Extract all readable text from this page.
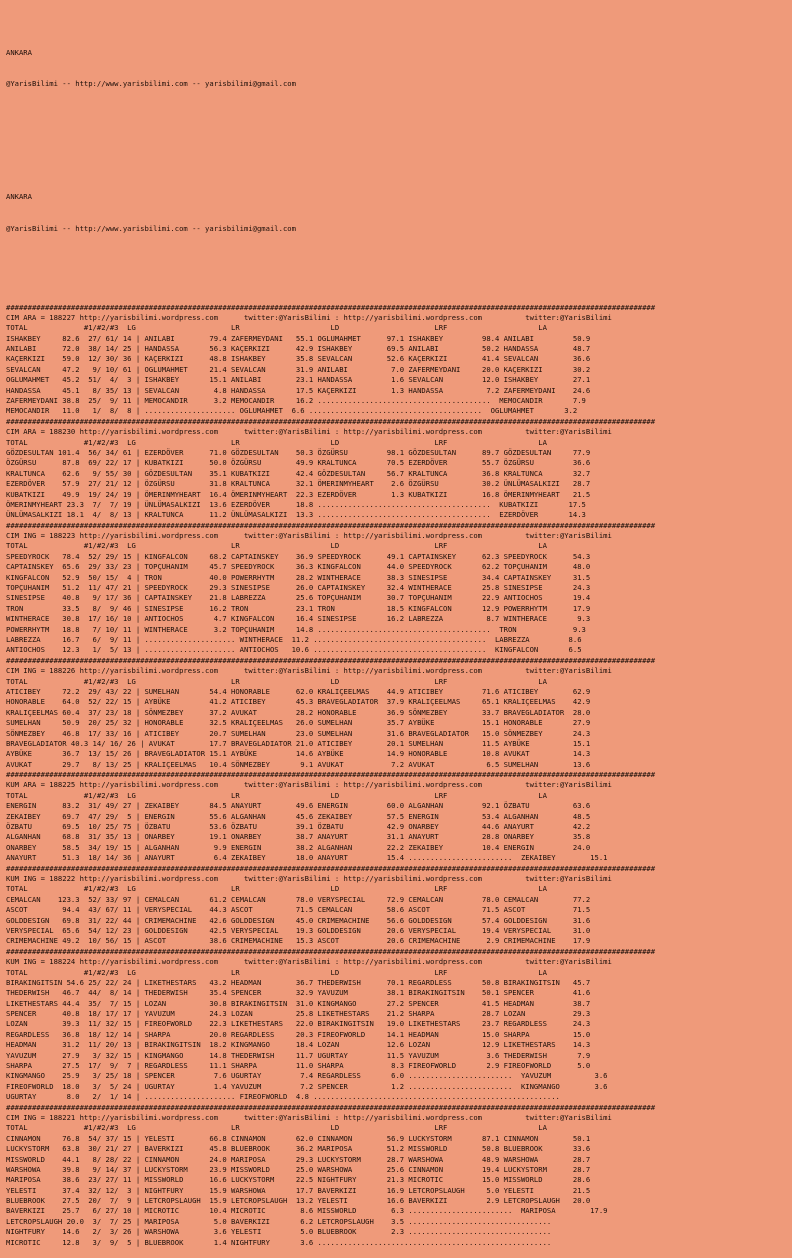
ANKARA

@YarisBilimi -- http://www.yarisbilimi.com -- yarisbilimi@gmail.com

ANKARA

@YarisBilimi -- http://www.yarisbilimi.com -- yarisbilimi@gmail.com

######################################################################################################################################################
CIM ARA = 188227 http://yarisbilimi.wordpress.com      twitter:@YarisBilimi : http://yarisbilimi.wordpress.com          twitter:@YarisBilimi
TOTAL             #1/#2/#3  LG                      LR                     LD                      LRF                     LA
ISHAKBEY     82.6  27/ 61/ 14 | ANILABI        79.4 ZAFERMEYDANI   55.1 OGLUMAHMET      97.1 ISHAKBEY         98.4 ANILABI         50.9
ANILABI      72.0  38/ 14/ 25 | HANDASSA       56.3 KAÇERKIZI      42.9 ISHAKBEY        69.5 ANILABI          50.2 HANDASSA        48.7
KAÇERKIZI    59.0  12/ 30/ 36 | KAÇERKIZI      48.8 ISHAKBEY       35.8 SEVALCAN        52.6 KAÇERKIZI        41.4 SEVALCAN        36.6
SEVALCAN     47.2   9/ 10/ 61 | OGLUMAHMET     21.4 SEVALCAN       31.9 ANILABI          7.0 ZAFERMEYDANI     20.0 KAÇERKIZI       30.2
OGLUMAHMET   45.2  51/  4/  3 | ISHAKBEY       15.1 ANILABI        23.1 HANDASSA         1.6 SEVALCAN         12.0 ISHAKBEY        27.1
HANDASSA     45.1   8/ 35/ 13 | SEVALCAN        4.8 HANDASSA       17.5 KAÇERKIZI        1.3 HANDASSA          7.2 ZAFERMEYDANI    24.6
ZAFERMEYDANI 38.8  25/  9/ 11 | MEMOCANDIR      3.2 MEMOCANDIR     16.2 ........................................  MEMOCANDIR       7.9
MEMOCANDIR   11.0   1/  8/  8 | ..................... OGLUMAHMET  6.6 ........................................  OGLUMAHMET       3.2
######################################################################################################################################################
CIM ARA = 188230 http://yarisbilimi.wordpress.com      twitter:@YarisBilimi : http://yarisbilimi.wordpress.com          twitter:@YarisBilimi
TOTAL             #1/#2/#3  LG                      LR                     LD                      LRF                     LA
GÖZDESULTAN 101.4  56/ 34/ 61 | EZERDÖVER      71.0 GÖZDESULTAN    50.3 ÖZGÜRSU         98.1 GÖZDESULTAN      89.7 GÖZDESULTAN     77.9
ÖZGÜRSU      87.8  69/ 22/ 17 | KUBATKIZI      50.0 ÖZGÜRSU        49.9 KRALTUNCA       70.5 EZERDÖVER        55.7 ÖZGÜRSU         36.6
KRALTUNCA    62.6   9/ 55/ 30 | GÖZDESULTAN    35.1 KUBATKIZI      42.4 GÖZDESULTAN     56.7 KRALTUNCA        36.8 KRALTUNCA       32.7
EZERDÖVER    57.9  27/ 21/ 12 | ÖZGÜRSU        31.8 KRALTUNCA      32.1 ÖMERINMYHEART    2.6 ÖZGÜRSU          30.2 ÜNLÜMASALKIZI   28.7
KUBATKIZI    49.9  19/ 24/ 19 | ÖMERINMYHEART  16.4 ÖMERINMYHEART  22.3 EZERDÖVER        1.3 KUBATKIZI        16.8 ÖMERINMYHEART   21.5
ÖMERINMYHEART 23.3  7/  7/ 19 | ÜNLÜMASALKIZI  13.6 EZERDÖVER      18.8 ........................................  KUBATKIZI       17.5
ÜNLÜMASALKIZI 18.1  4/  8/ 13 | KRALTUNCA      11.2 ÜNLÜMASALKIZI  13.3 ........................................  EZERDÖVER       14.3
######################################################################################################################################################
CIM ING = 188223 http://yarisbilimi.wordpress.com      twitter:@YarisBilimi : http://yarisbilimi.wordpress.com          twitter:@YarisBilimi
TOTAL             #1/#2/#3  LG                      LR                     LD                      LRF                     LA
SPEEDYROCK   78.4  52/ 29/ 15 | KINGFALCON     68.2 CAPTAINSKEY    36.9 SPEEDYROCK      49.1 CAPTAINSKEY      62.3 SPEEDYROCK      54.3
CAPTAINSKEY  65.6  29/ 33/ 23 | TOPÇUHANIM     45.7 SPEEDYROCK     36.3 KINGFALCON      44.0 SPEEDYROCK       62.2 TOPÇUHANIM      48.0
KINGFALCON   52.9  50/ 15/  4 | TRON           40.0 POWERRHYTM     28.2 WINTHERACE      38.3 SINESIPSE        34.4 CAPTAINSKEY     31.5
TOPÇUHANIM   51.2  11/ 47/ 21 | SPEEDYROCK     29.3 SINESIPSE      26.0 CAPTAINSKEY     32.4 WINTHERACE       25.8 SINESIPSE       24.3
SINESIPSE    40.8   9/ 17/ 36 | CAPTAINSKEY    21.8 LABREZZA       25.6 TOPÇUHANIM      30.7 TOPÇUHANIM       22.9 ANTIOCHOS       19.4
TRON         33.5   8/  9/ 46 | SINESIPSE      16.2 TRON           23.1 TRON            18.5 KINGFALCON       12.9 POWERRHYTM      17.9
WINTHERACE   30.8  17/ 16/ 10 | ANTIOCHOS       4.7 KINGFALCON     16.4 SINESIPSE       16.2 LABREZZA          8.7 WINTHERACE       9.3
POWERRHYTM   18.8   7/ 10/ 11 | WINTHERACE      3.2 TOPÇUHANIM     14.8 ........................................  TRON             9.3
LABREZZA     16.7   6/  9/ 11 | ..................... WINTHERACE  11.2 ........................................  LABREZZA         8.6
ANTIOCHOS    12.3   1/  5/ 13 | ..................... ANTIOCHOS   10.6 ........................................  KINGFALCON       6.5
######################################################################################################################################################
CIM ING = 188226 http://yarisbilimi.wordpress.com      twitter:@YarisBilimi : http://yarisbilimi.wordpress.com          twitter:@YarisBilimi
TOTAL             #1/#2/#3  LG                      LR                     LD                      LRF                     LA
ATICIBEY     72.2  29/ 43/ 22 | SUMELHAN       54.4 HONORABLE      62.0 KRALIÇEELMAS    44.9 ATICIBEY         71.6 ATICIBEY        62.9
HONORABLE    64.0  52/ 22/ 15 | AYBÜKE         41.2 ATICIBEY       45.3 BRAVEGLADIATOR  37.9 KRALIÇEELMAS     65.1 KRALIÇEELMAS    42.9
KRALIÇEELMAS 60.4  37/ 23/ 18 | SÖNMEZBEY      37.2 AVUKAT         28.2 HONORABLE       36.9 SÖNMEZBEY        33.7 BRAVEGLADIATOR  28.0
SUMELHAN     50.9  20/ 25/ 32 | HONORABLE      32.5 KRALIÇEELMAS   26.0 SUMELHAN        35.7 AYBÜKE           15.1 HONORABLE       27.9
SÖNMEZBEY    46.8  17/ 33/ 16 | ATICIBEY       20.7 SUMELHAN       23.0 SUMELHAN        31.6 BRAVEGLADIATOR   15.0 SÖNMEZBEY       24.3
BRAVEGLADIATOR 40.3 14/ 16/ 26 | AVUKAT        17.7 BRAVEGLADIATOR 21.0 ATICIBEY        20.1 SUMELHAN         11.5 AYBÜKE          15.1
AYBÜKE       36.7  13/ 15/ 26 | BRAVEGLADIATOR 15.1 AYBÜKE         14.6 AYBÜKE          14.9 HONORABLE        10.8 AVUKAT          14.3
AVUKAT       29.7   8/ 13/ 25 | KRALIÇEELMAS   10.4 SÖNMEZBEY       9.1 AVUKAT           7.2 AVUKAT            6.5 SUMELHAN        13.6
######################################################################################################################################################
KUM ARA = 188225 http://yarisbilimi.wordpress.com      twitter:@YarisBilimi : http://yarisbilimi.wordpress.com          twitter:@YarisBilimi
TOTAL             #1/#2/#3  LG                      LR                     LD                      LRF                     LA
ENERGIN      83.2  31/ 49/ 27 | ZEKAIBEY       84.5 ANAYURT        49.6 ENERGIN         60.0 ALGANHAN         92.1 ÖZBATU          63.6
ZEKAIBEY     69.7  47/ 29/  5 | ENERGIN        55.6 ALGANHAN       45.6 ZEKAIBEY        57.5 ENERGIN          53.4 ALGANHAN        48.5
ÖZBATU       69.5  10/ 25/ 75 | ÖZBATU         53.6 ÖZBATU         39.1 ÖZBATU          42.9 ONARBEY          44.6 ANAYURT         42.2
ALGANHAN     68.8  31/ 35/ 13 | ONARBEY        19.1 ONARBEY        38.7 ANAYURT         31.1 ANAYURT          28.8 ONARBEY         35.8
ONARBEY      58.5  34/ 19/ 15 | ALGANHAN        9.9 ENERGIN        38.2 ALGANHAN        22.2 ZEKAIBEY         10.4 ENERGIN         24.0
ANAYURT      51.3  18/ 14/ 36 | ANAYURT         6.4 ZEKAIBEY       18.0 ANAYURT         15.4 ........................  ZEKAIBEY        15.1
######################################################################################################################################################
KUM ING = 188222 http://yarisbilimi.wordpress.com      twitter:@YarisBilimi : http://yarisbilimi.wordpress.com          twitter:@YarisBilimi
TOTAL             #1/#2/#3  LG                      LR                     LD                      LRF                     LA
CEMALCAN    123.3  52/ 33/ 97 | CEMALCAN       61.2 CEMALCAN       78.0 VERYSPECIAL     72.9 CEMALCAN         78.0 CEMALCAN        77.2
ASCOT        94.4  43/ 67/ 11 | VERYSPECIAL    44.3 ASCOT          71.5 CEMALCAN        58.6 ASCOT            71.5 ASCOT           71.5
GOLDDESIGN   69.8  31/ 22/ 44 | CRIMEMACHINE   42.6 GOLDDESIGN     45.0 CRIMEMACHINE    56.6 GOLDDESIGN       57.4 GOLDDESIGN      31.6
VERYSPECIAL  65.6  54/ 12/ 23 | GOLDDESIGN     42.5 VERYSPECIAL    19.3 GOLDDESIGN      20.6 VERYSPECIAL      19.4 VERYSPECIAL     31.0
CRIMEMACHINE 49.2  10/ 56/ 15 | ASCOT          38.6 CRIMEMACHINE   15.3 ASCOT           20.6 CRIMEMACHINE      2.9 CRIMEMACHINE    17.9
######################################################################################################################################################
KUM ING = 188224 http://yarisbilimi.wordpress.com      twitter:@YarisBilimi : http://yarisbilimi.wordpress.com          twitter:@YarisBilimi
TOTAL             #1/#2/#3  LG                      LR                     LD                      LRF                     LA
BIRAKINGITSIN 54.6 25/ 22/ 24 | LIKETHESTARS   43.2 HEADMAN        36.7 THEDERWISH      70.1 REGARDLESS       50.8 BIRAKINGITSIN   45.7
THEDERWISH   46.7  44/  8/ 14 | THEDERWISH     35.4 SPENCER        32.9 YAVUZUM         38.1 BIRAKINGITSIN    50.1 SPENCER         41.6
LIKETHESTARS 44.4  35/  7/ 15 | LOZAN          30.8 BIRAKINGITSIN  31.0 KINGMANGO       27.2 SPENCER          41.5 HEADMAN         38.7
SPENCER      40.8  18/ 17/ 17 | YAVUZUM        24.3 LOZAN          25.8 LIKETHESTARS    21.2 SHARPA           28.7 LOZAN           29.3
LOZAN        39.3  11/ 32/ 15 | FIREOFWORLD    22.3 LIKETHESTARS   22.0 BIRAKINGITSIN   19.0 LIKETHESTARS     23.7 REGARDLESS      24.3
REGARDLESS   36.8  18/ 12/ 14 | SHARPA         20.0 REGARDLESS     20.3 FIREOFWORLD     14.1 HEADMAN          15.0 SHARPA          15.0
HEADMAN      31.2  11/ 20/ 13 | BIRAKINGITSIN  18.2 KINGMANGO      18.4 LOZAN           12.6 LOZAN            12.9 LIKETHESTARS    14.3
YAVUZUM      27.9   3/ 32/ 15 | KINGMANGO      14.8 THEDERWISH     11.7 UGURTAY         11.5 YAVUZUM           3.6 THEDERWISH       7.9
SHARPA       27.5  17/  9/  7 | REGARDLESS     11.1 SHARPA         11.0 SHARPA           8.3 FIREOFWORLD       2.9 FIREOFWORLD      5.0
KINGMANGO    25.9   3/ 25/ 18 | SPENCER         7.6 UGURTAY         7.4 REGARDLESS       6.0 ........................  YAVUZUM          3.6
FIREOFWORLD  18.0   3/  5/ 24 | UGURTAY         1.4 YAVUZUM         7.2 SPENCER          1.2 ........................  KINGMANGO        3.6
UGURTAY       8.0   2/  1/ 14 | ..................... FIREOFWORLD  4.8 .........................................................
######################################################################################################################################################
CIM ING = 188221 http://yarisbilimi.wordpress.com      twitter:@YarisBilimi : http://yarisbilimi.wordpress.com          twitter:@YarisBilimi
TOTAL             #1/#2/#3  LG                      LR                     LD                      LRF                     LA
CINNAMON     76.8  54/ 37/ 15 | YELESTI        66.8 CINNAMON       62.0 CINNAMON        56.9 LUCKYSTORM       87.1 CINNAMON        50.1
LUCKYSTORM   63.8  30/ 21/ 27 | BAVERKIZI      45.8 BLUEBROOK      36.2 MARIPOSA        51.2 MISSWORLD        50.8 BLUEBROOK       33.6
MISSWORLD    44.1   8/ 28/ 22 | CINNAMON       24.0 MARIPOSA       29.3 LUCKYSTORM      28.7 WARSHOWA         48.9 WARSHOWA        28.7
WARSHOWA     39.8   9/ 14/ 37 | LUCKYSTORM     23.9 MISSWORLD      25.0 WARSHOWA        25.6 CINNAMON         19.4 LUCKYSTORM      28.7
MARIPOSA     38.6  23/ 27/ 11 | MISSWORLD      16.6 LUCKYSTORM     22.5 NIGHTFURY       21.3 MICROTIC         15.0 MISSWORLD       28.6
YELESTI      37.4  32/ 12/  3 | NIGHTFURY      15.9 WARSHOWA       17.7 BAVERKIZI       16.9 LETCROPSLAUGH     5.0 YELESTI         21.5
BLUEBROOK    27.5  20/  7/  9 | LETCROPSLAUGH  15.9 LETCROPSLAUGH  13.2 YELESTI         16.6 BAVERKIZI         2.9 LETCROPSLAUGH   20.0
BAVERKIZI    25.7   6/ 27/ 10 | MICROTIC       10.4 MICROTIC        8.6 MISSWORLD        6.3 ........................  MARIPOSA        17.9
LETCROPSLAUGH 20.0  3/  7/ 25 | MARIPOSA        5.0 BAVERKIZI       6.2 LETCROPSLAUGH    3.5 .................................
NIGHTFURY    14.6   2/  3/ 26 | WARSHOWA        3.6 YELESTI         5.0 BLUEBROOK        2.3 .................................
MICROTIC     12.8   3/  9/  5 | BLUEBROOK       1.4 NIGHTFURY       3.6 ......................................................
